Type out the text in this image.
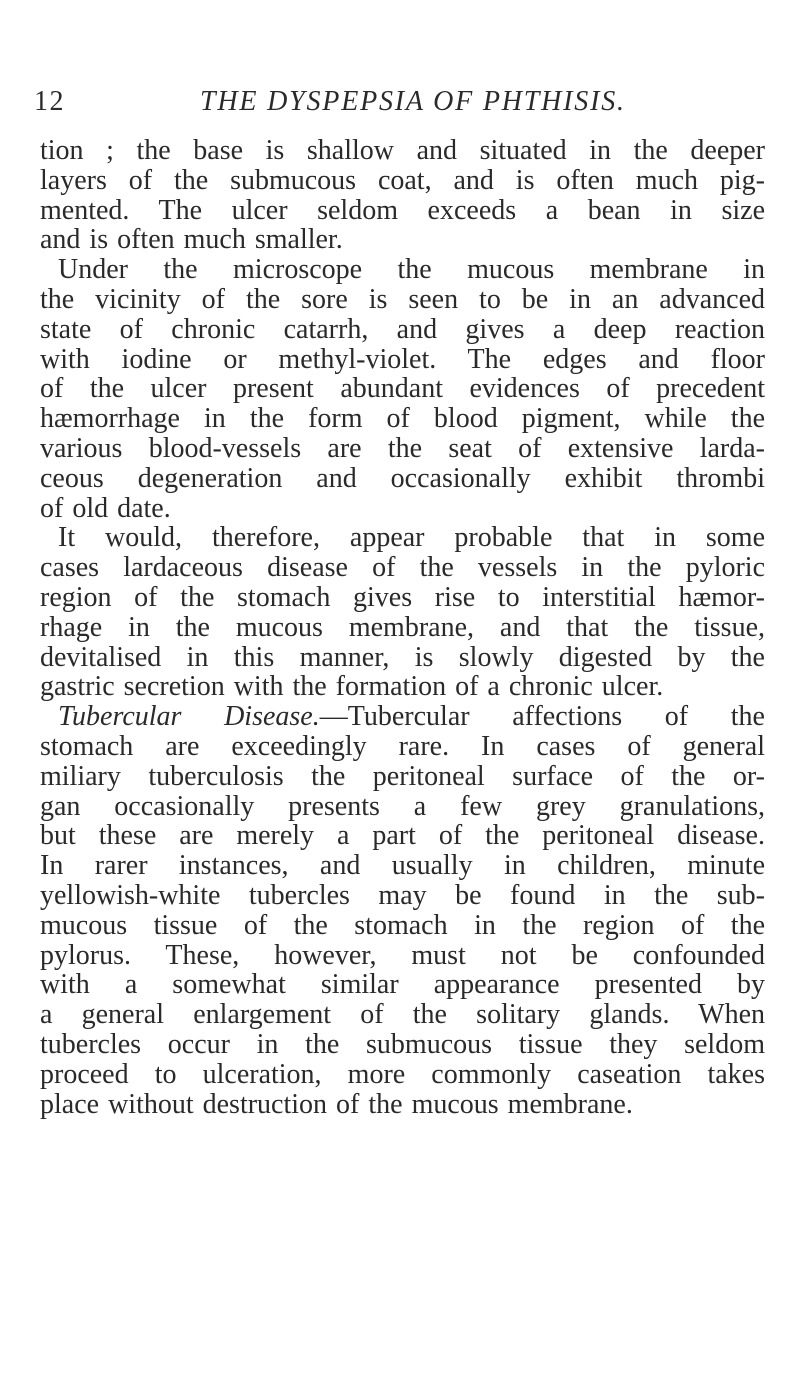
12	THE DYSPEPSIA OF PHTHISIS.
tion ; the base is shallow and situated in the deeper
layers of the submucous coat, and is often much pig-
mented. The ulcer seldom exceeds a bean in size
and is often much smaller.
Under the microscope the mucous membrane in
the vicinity of the sore is seen to be in an advanced
state of chronic catarrh, and gives a deep reaction
with iodine or methyl-violet. The edges and floor
of the ulcer present abundant evidences of precedent
hæmorrhage in the form of blood pigment, while the
various blood-vessels are the seat of extensive larda-
ceous degeneration and occasionally exhibit thrombi
of old date.
It would, therefore, appear probable that in some
cases lardaceous disease of the vessels in the pyloric
region of the stomach gives rise to interstitial hæmor-
rhage in the mucous membrane, and that the tissue,
devitalised in this manner, is slowly digested by the
gastric secretion with the formation of a chronic ulcer.
Tubercular Disease.—Tubercular affections of the
stomach are exceedingly rare. In cases of general
miliary tuberculosis the peritoneal surface of the or-
gan occasionally presents a few grey granulations,
but these are merely a part of the peritoneal disease.
In rarer instances, and usually in children, minute
yellowish-white tubercles may be found in the sub-
mucous tissue of the stomach in the region of the
pylorus. These, however, must not be confounded
with a somewhat similar appearance presented by
a general enlargement of the solitary glands. When
tubercles occur in the submucous tissue they seldom
proceed to ulceration, more commonly caseation takes
place without destruction of the mucous membrane.
